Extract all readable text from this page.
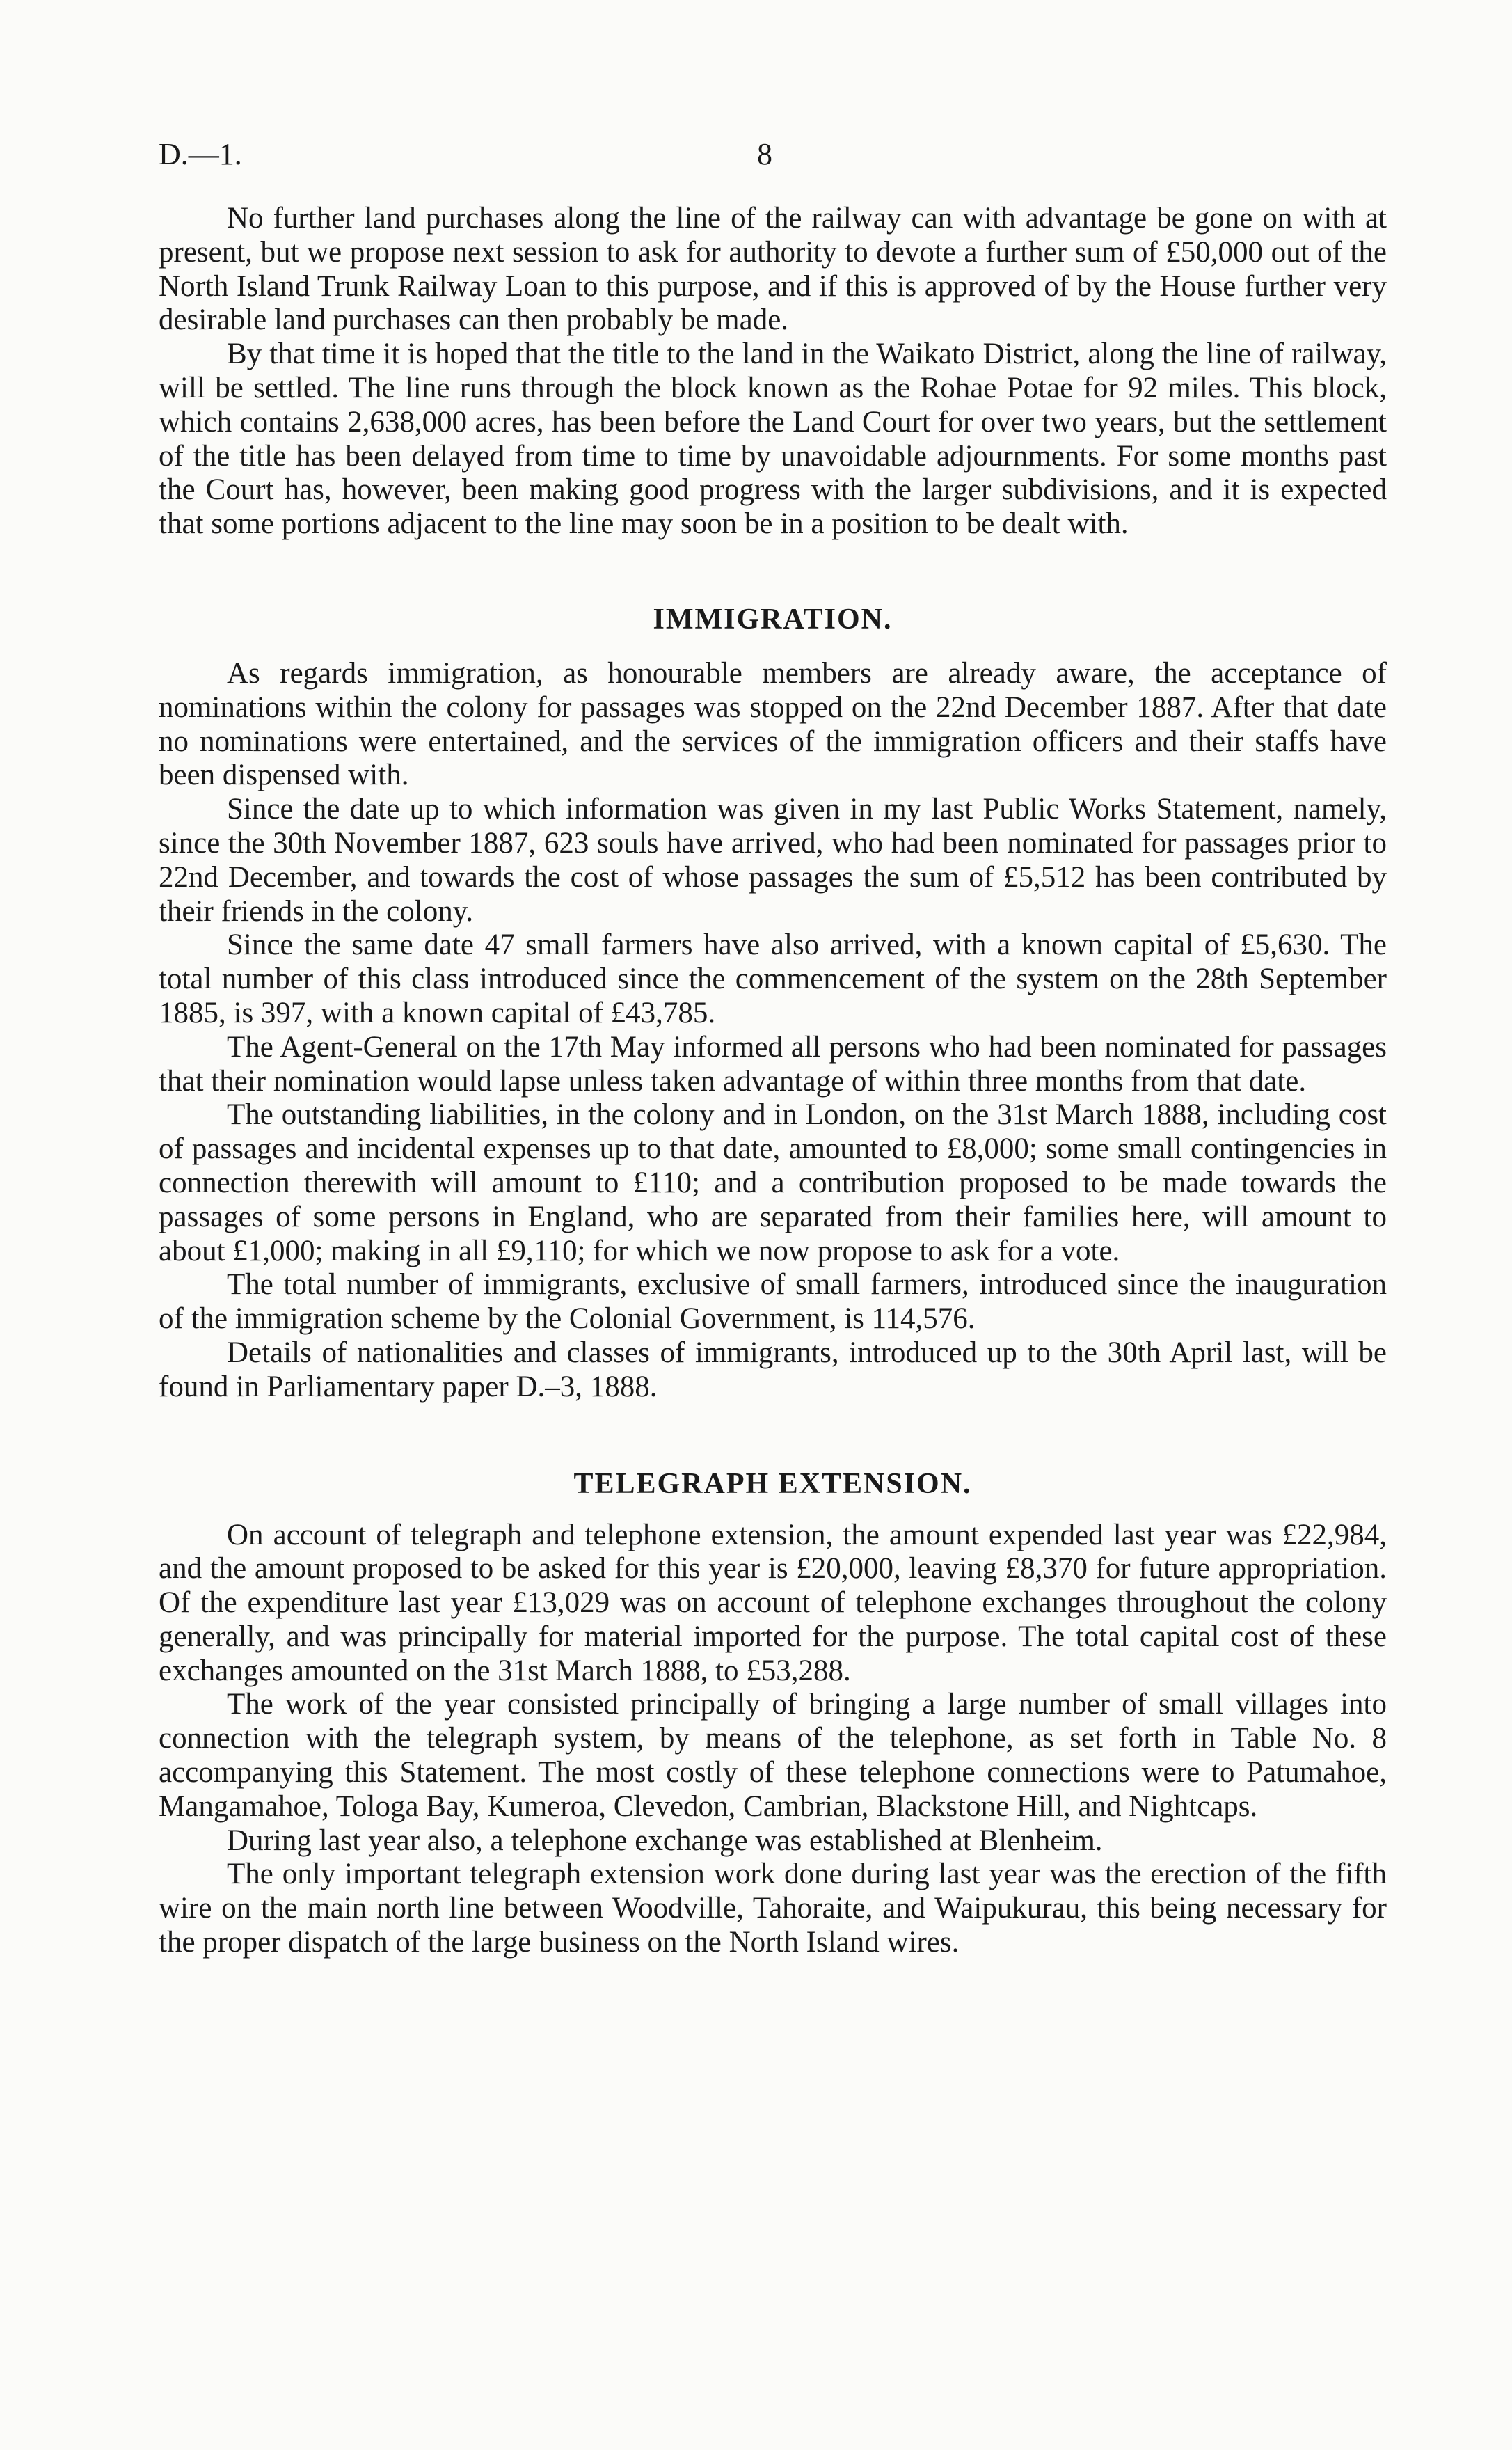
D.—1.	8

No further land purchases along the line of the railway can with advantage be gone on with at present, but we propose next session to ask for authority to devote a further sum of £50,000 out of the North Island Trunk Railway Loan to this purpose, and if this is approved of by the House further very desirable land purchases can then probably be made.

By that time it is hoped that the title to the land in the Waikato District, along the line of railway, will be settled. The line runs through the block known as the Rohae Potae for 92 miles. This block, which contains 2,638,000 acres, has been before the Land Court for over two years, but the settlement of the title has been delayed from time to time by unavoidable adjournments. For some months past the Court has, however, been making good progress with the larger subdivisions, and it is expected that some portions adjacent to the line may soon be in a position to be dealt with.

IMMIGRATION.

As regards immigration, as honourable members are already aware, the acceptance of nominations within the colony for passages was stopped on the 22nd December 1887. After that date no nominations were entertained, and the services of the immigration officers and their staffs have been dispensed with.

Since the date up to which information was given in my last Public Works Statement, namely, since the 30th November 1887, 623 souls have arrived, who had been nominated for passages prior to 22nd December, and towards the cost of whose passages the sum of £5,512 has been contributed by their friends in the colony.

Since the same date 47 small farmers have also arrived, with a known capital of £5,630. The total number of this class introduced since the commencement of the system on the 28th September 1885, is 397, with a known capital of £43,785.

The Agent-General on the 17th May informed all persons who had been nominated for passages that their nomination would lapse unless taken advantage of within three months from that date.

The outstanding liabilities, in the colony and in London, on the 31st March 1888, including cost of passages and incidental expenses up to that date, amounted to £8,000; some small contingencies in connection therewith will amount to £110; and a contribution proposed to be made towards the passages of some persons in England, who are separated from their families here, will amount to about £1,000; making in all £9,110; for which we now propose to ask for a vote.

The total number of immigrants, exclusive of small farmers, introduced since the inauguration of the immigration scheme by the Colonial Government, is 114,576.

Details of nationalities and classes of immigrants, introduced up to the 30th April last, will be found in Parliamentary paper D.–3, 1888.

TELEGRAPH EXTENSION.

On account of telegraph and telephone extension, the amount expended last year was £22,984, and the amount proposed to be asked for this year is £20,000, leaving £8,370 for future appropriation. Of the expenditure last year £13,029 was on account of telephone exchanges throughout the colony generally, and was principally for material imported for the purpose. The total capital cost of these exchanges amounted on the 31st March 1888, to £53,288.

The work of the year consisted principally of bringing a large number of small villages into connection with the telegraph system, by means of the telephone, as set forth in Table No. 8 accompanying this Statement. The most costly of these telephone connections were to Patumahoe, Mangamahoe, Tologa Bay, Kumeroa, Clevedon, Cambrian, Blackstone Hill, and Nightcaps.

During last year also, a telephone exchange was established at Blenheim.

The only important telegraph extension work done during last year was the erection of the fifth wire on the main north line between Woodville, Tahoraite, and Waipukurau, this being necessary for the proper dispatch of the large business on the North Island wires.
